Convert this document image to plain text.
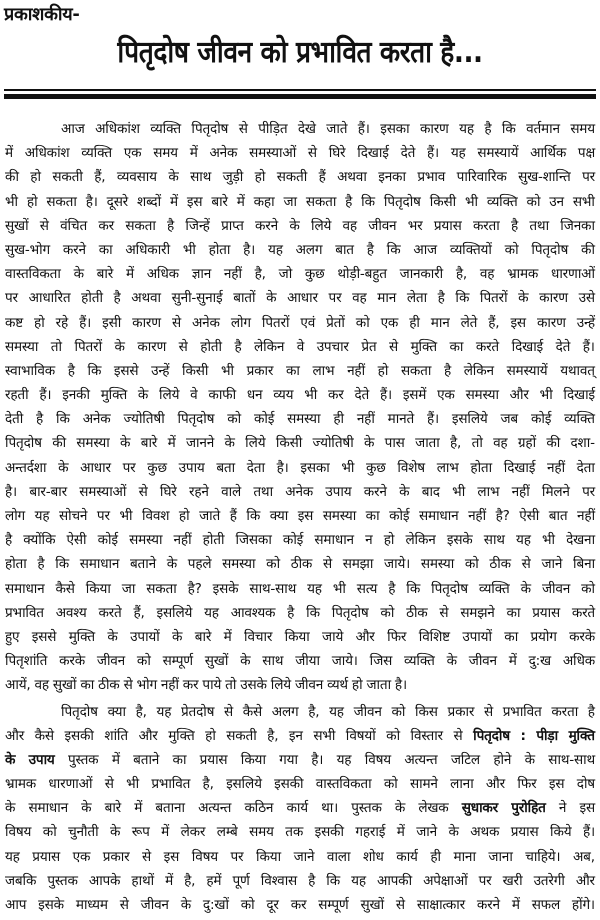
प्रकाशकीय-
पितृदोष जीवन को प्रभावित करता है...
आज अधिकांश व्यक्ति पितृदोष से पीड़ित देखे जाते हैं। इसका कारण यह है कि वर्तमान समय
में अधिकांश व्यक्ति एक समय में अनेक समस्याओं से घिरे दिखाई देते हैं। यह समस्यायें आर्थिक पक्ष
की हो सकती हैं, व्यवसाय के साथ जुड़ी हो सकती हैं अथवा इनका प्रभाव पारिवारिक सुख-शान्ति पर
भी हो सकता है। दूसरे शब्दों में इस बारे में कहा जा सकता है कि पितृदोष किसी भी व्यक्ति को उन सभी
सुखों से वंचित कर सकता है जिन्हें प्राप्त करने के लिये वह जीवन भर प्रयास करता है तथा जिनका
सुख-भोग करने का अधिकारी भी होता है। यह अलग बात है कि आज व्यक्तियों को पितृदोष की
वास्तविकता के बारे में अधिक ज्ञान नहीं है, जो कुछ थोड़ी-बहुत जानकारी है, वह भ्रामक धारणाओं
पर आधारित होती है अथवा सुनी-सुनाई बातों के आधार पर वह मान लेता है कि पितरों के कारण उसे
कष्ट हो रहे हैं। इसी कारण से अनेक लोग पितरों एवं प्रेतों को एक ही मान लेते हैं, इस कारण उन्हें
समस्या तो पितरों के कारण से होती है लेकिन वे उपचार प्रेत से मुक्ति का करते दिखाई देते हैं।
स्वाभाविक है कि इससे उन्हें किसी भी प्रकार का लाभ नहीं हो सकता है लेकिन समस्यायें यथावत्
रहती हैं। इनकी मुक्ति के लिये वे काफी धन व्यय भी कर देते हैं। इसमें एक समस्या और भी दिखाई
देती है कि अनेक ज्योतिषी पितृदोष को कोई समस्या ही नहीं मानते हैं। इसलिये जब कोई व्यक्ति
पितृदोष की समस्या के बारे में जानने के लिये किसी ज्योतिषी के पास जाता है, तो वह ग्रहों की दशा-
अन्तर्दशा के आधार पर कुछ उपाय बता देता है। इसका भी कुछ विशेष लाभ होता दिखाई नहीं देता
है। बार-बार समस्याओं से घिरे रहने वाले तथा अनेक उपाय करने के बाद भी लाभ नहीं मिलने पर
लोग यह सोचने पर भी विवश हो जाते हैं कि क्या इस समस्या का कोई समाधान नहीं है? ऐसी बात नहीं
है क्योंकि ऐसी कोई समस्या नहीं होती जिसका कोई समाधान न हो लेकिन इसके साथ यह भी देखना
होता है कि समाधान बताने के पहले समस्या को ठीक से समझा जाये। समस्या को ठीक से जाने बिना
समाधान कैसे किया जा सकता है? इसके साथ-साथ यह भी सत्य है कि पितृदोष व्यक्ति के जीवन को
प्रभावित अवश्य करते हैं, इसलिये यह आवश्यक है कि पितृदोष को ठीक से समझने का प्रयास करते
हुए इससे मुक्ति के उपायों के बारे में विचार किया जाये और फिर विशिष्ट उपायों का प्रयोग करके
पितृशांति करके जीवन को सम्पूर्ण सुखों के साथ जीया जाये। जिस व्यक्ति के जीवन में दु:ख अधिक
आयें, वह सुखों का ठीक से भोग नहीं कर पाये तो उसके लिये जीवन व्यर्थ हो जाता है।
पितृदोष क्या है, यह प्रेतदोष से कैसे अलग है, यह जीवन को किस प्रकार से प्रभावित करता है
और कैसे इसकी शांति और मुक्ति हो सकती है, इन सभी विषयों को विस्तार से पितृदोष : पीड़ा मुक्ति
के उपाय पुस्तक में बताने का प्रयास किया गया है। यह विषय अत्यन्त जटिल होने के साथ-साथ
भ्रामक धारणाओं से भी प्रभावित है, इसलिये इसकी वास्तविकता को सामने लाना और फिर इस दोष
के समाधान के बारे में बताना अत्यन्त कठिन कार्य था। पुस्तक के लेखक सुधाकर पुरोहित ने इस
विषय को चुनौती के रूप में लेकर लम्बे समय तक इसकी गहराई में जाने के अथक प्रयास किये हैं।
यह प्रयास एक प्रकार से इस विषय पर किया जाने वाला शोध कार्य ही माना जाना चाहिये। अब,
जबकि पुस्तक आपके हाथों में है, हमें पूर्ण विश्वास है कि यह आपकी अपेक्षाओं पर खरी उतरेगी और
आप इसके माध्यम से जीवन के दु:खों को दूर कर सम्पूर्ण सुखों से साक्षात्कार करने में सफल होंगे।
